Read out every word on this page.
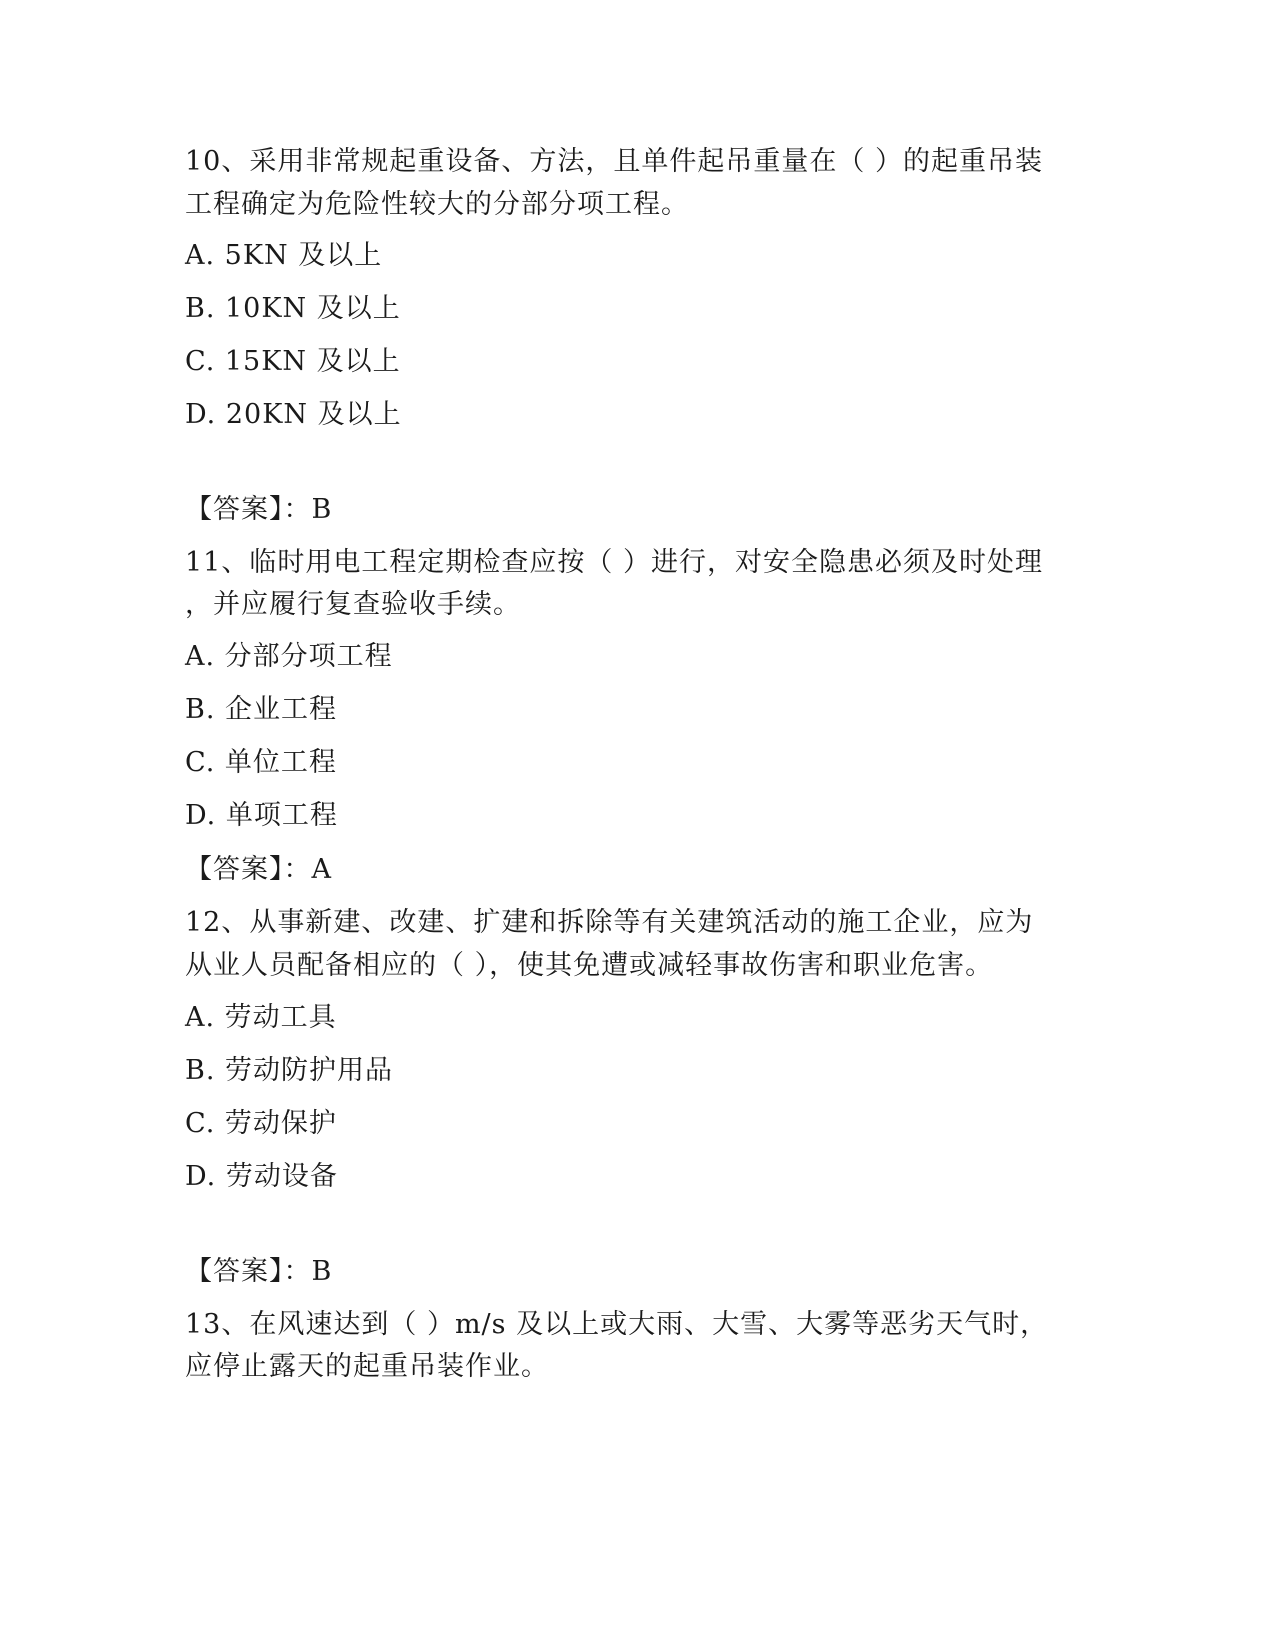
10、采用非常规起重设备、方法，且单件起吊重量在（ ）的起重吊装
工程确定为危险性较大的分部分项工程。
A. 5KN 及以上
B. 10KN 及以上
C. 15KN 及以上
D. 20KN 及以上
【答案】：B
11、临时用电工程定期检查应按（ ）进行，对安全隐患必须及时处理
，并应履行复查验收手续。
A. 分部分项工程
B. 企业工程
C. 单位工程
D. 单项工程
【答案】：A
12、从事新建、改建、扩建和拆除等有关建筑活动的施工企业，应为
从业人员配备相应的（ ），使其免遭或减轻事故伤害和职业危害。
A. 劳动工具
B. 劳动防护用品
C. 劳动保护
D. 劳动设备
【答案】：B
13、在风速达到（ ）m/s 及以上或大雨、大雪、大雾等恶劣天气时，
应停止露天的起重吊装作业。
